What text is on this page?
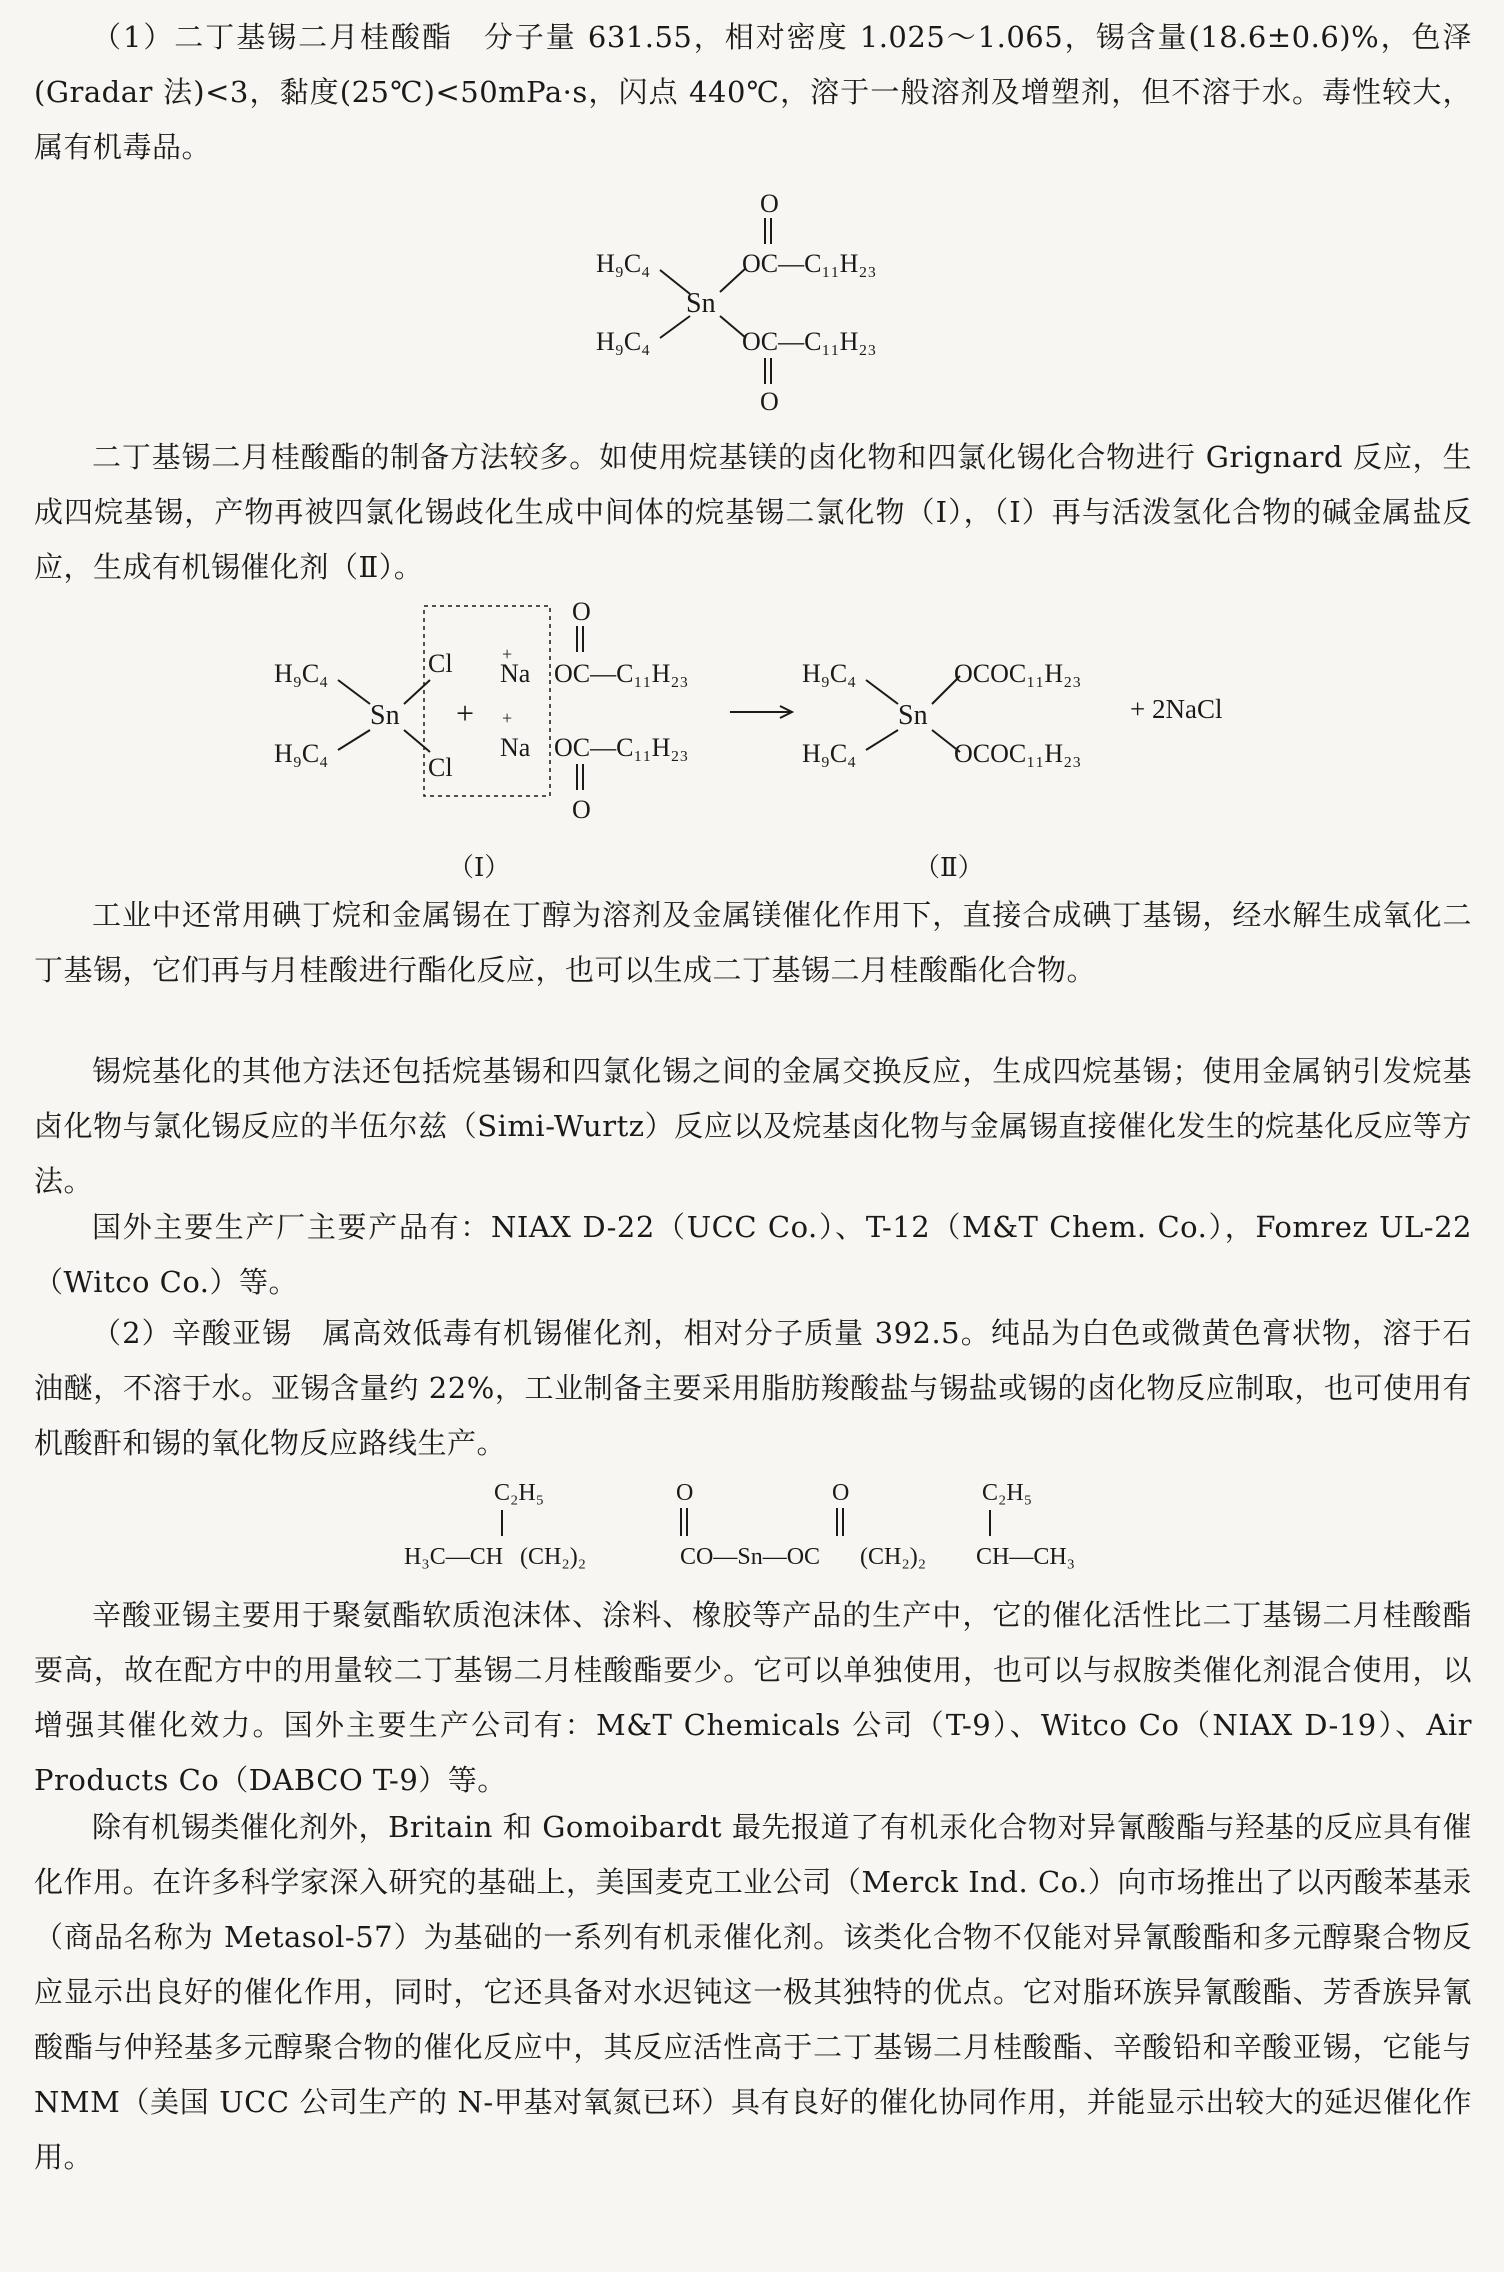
（1）二丁基锡二月桂酸酯　分子量 631.55，相对密度 1.025～1.065，锡含量(18.6±0.6)%，色泽(Gradar 法)<3，黏度(25℃)<50mPa·s，闪点 440℃，溶于一般溶剂及增塑剂，但不溶于水。毒性较大，属有机毒品。

O
H₉C₄
Sn
OC—C₁₁H₂₃
H₉C₄	OC—C₁₁H₂₃
O

二丁基锡二月桂酸酯的制备方法较多。如使用烷基镁的卤化物和四氯化锡化合物进行 Grignard 反应，生成四烷基锡，产物再被四氯化锡歧化生成中间体的烷基锡二氯化物（Ⅰ），（Ⅰ）再与活泼氢化合物的碱金属盐反应，生成有机锡催化剂（Ⅱ）。

H₉C₄
Sn
Cl
H₉C₄	Cl
+
+
Na
+
Na
O
OC—C₁₁H₂₃
OC—C₁₁H₂₃
O
H₉C₄
Sn
OCOC₁₁H₂₃
H₉C₄	OCOC₁₁H₂₃
+ 2NaCl
（Ⅰ）	（Ⅱ）

工业中还常用碘丁烷和金属锡在丁醇为溶剂及金属镁催化作用下，直接合成碘丁基锡，经水解生成氧化二丁基锡，它们再与月桂酸进行酯化反应，也可以生成二丁基锡二月桂酸酯化合物。

锡烷基化的其他方法还包括烷基锡和四氯化锡之间的金属交换反应，生成四烷基锡；使用金属钠引发烷基卤化物与氯化锡反应的半伍尔兹（Simi-Wurtz）反应以及烷基卤化物与金属锡直接催化发生的烷基化反应等方法。

国外主要生产厂主要产品有：NIAX D-22（UCC Co.）、T-12（M&T Chem. Co.），Fomrez UL-22（Witco Co.）等。

（2）辛酸亚锡　属高效低毒有机锡催化剂，相对分子质量 392.5。纯品为白色或微黄色膏状物，溶于石油醚，不溶于水。亚锡含量约 22%，工业制备主要采用脂肪羧酸盐与锡盐或锡的卤化物反应制取，也可使用有机酸酐和锡的氧化物反应路线生产。

C₂H₅	O	O	C₂H₅
H₃C—CH (CH₂)₂	CO—Sn—OC (CH₂)₂ CH—CH₃

辛酸亚锡主要用于聚氨酯软质泡沫体、涂料、橡胶等产品的生产中，它的催化活性比二丁基锡二月桂酸酯要高，故在配方中的用量较二丁基锡二月桂酸酯要少。它可以单独使用，也可以与叔胺类催化剂混合使用，以增强其催化效力。国外主要生产公司有：M&T Chemicals 公司（T-9）、Witco Co（NIAX D-19）、Air Products Co（DABCO T-9）等。

除有机锡类催化剂外，Britain 和 Gomoibardt 最先报道了有机汞化合物对异氰酸酯与羟基的反应具有催化作用。在许多科学家深入研究的基础上，美国麦克工业公司（Merck Ind. Co.）向市场推出了以丙酸苯基汞（商品名称为 Metasol-57）为基础的一系列有机汞催化剂。该类化合物不仅能对异氰酸酯和多元醇聚合物反应显示出良好的催化作用，同时，它还具备对水迟钝这一极其独特的优点。它对脂环族异氰酸酯、芳香族异氰酸酯与仲羟基多元醇聚合物的催化反应中，其反应活性高于二丁基锡二月桂酸酯、辛酸铅和辛酸亚锡，它能与 NMM（美国 UCC 公司生产的 N-甲基对氧氮已环）具有良好的催化协同作用，并能显示出较大的延迟催化作用。
